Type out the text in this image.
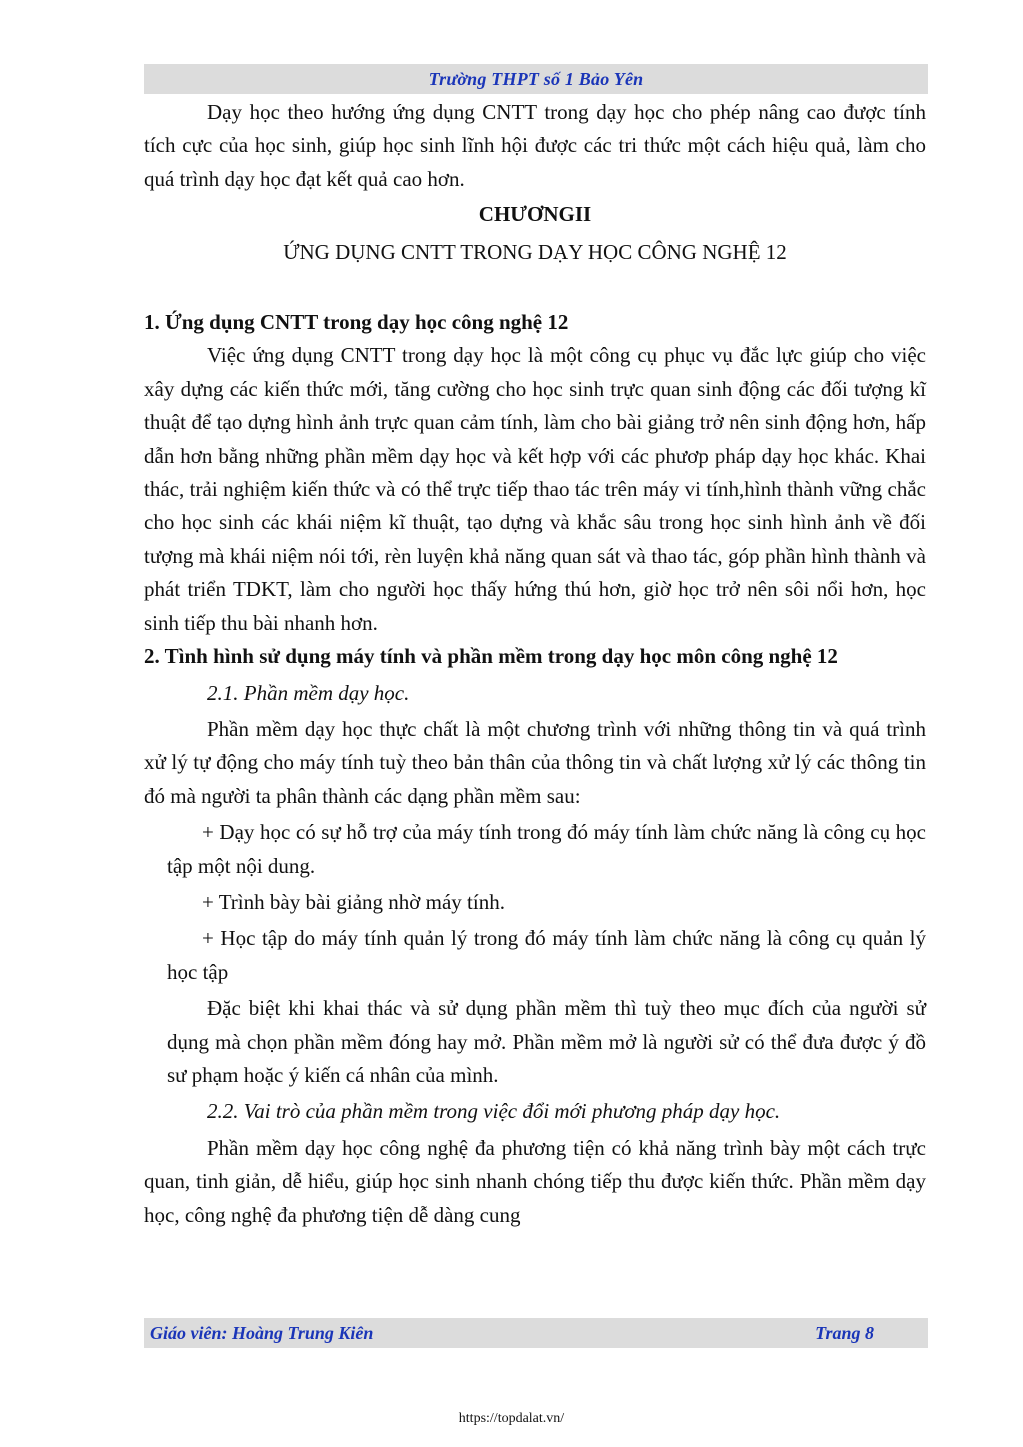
Trường THPT số 1 Bảo Yên

Dạy học theo hướng ứng dụng CNTT trong dạy học cho phép nâng cao được tính tích cực của học sinh, giúp học sinh lĩnh hội được các tri thức một cách hiệu quả, làm cho quá trình dạy học đạt kết quả cao hơn.

CHƯƠNGII

ỨNG DỤNG CNTT TRONG DẠY HỌC CÔNG NGHỆ 12

1. Ứng dụng CNTT trong dạy học công nghệ 12

Việc ứng dụng CNTT trong dạy học là một công cụ phục vụ đắc lực giúp cho việc xây dựng các kiến thức mới, tăng cường cho học sinh trực quan sinh động các đối tượng kĩ thuật để tạo dựng hình ảnh trực quan cảm tính, làm cho bài giảng trở nên sinh động hơn, hấp dẫn hơn bằng những phần mềm dạy học và kết hợp với các phươp pháp dạy học khác. Khai thác, trải nghiệm kiến thức và có thể trực tiếp thao tác trên máy vi tính,hình thành vững chắc cho học sinh các khái niệm kĩ thuật, tạo dựng và khắc sâu trong học sinh hình ảnh về đối tượng mà khái niệm nói tới, rèn luyện khả năng quan sát và thao tác, góp phần hình thành và phát triển TDKT, làm cho người học thấy hứng thú hơn, giờ học trở nên sôi nổi hơn, học sinh tiếp thu bài nhanh hơn.

2. Tình hình sử dụng máy tính và phần mềm trong dạy học môn công nghệ 12

2.1. Phần mềm dạy học.

Phần mềm dạy học thực chất là một chương trình với những thông tin và quá trình xử lý tự động cho máy tính tuỳ theo bản thân của thông tin và chất lượng xử lý các thông tin đó mà người ta phân thành các dạng phần mềm sau:

+ Dạy học có sự hỗ trợ của máy tính trong đó máy tính làm chức năng là công cụ học tập một nội dung.

+ Trình bày bài giảng nhờ máy tính.

+ Học tập do máy tính quản lý trong đó máy tính làm chức năng là công cụ quản lý học tập

Đặc biệt khi khai thác và sử dụng phần mềm thì tuỳ theo mục đích của người sử dụng mà chọn phần mềm đóng hay mở. Phần mềm mở là người sử có thể đưa được ý đồ sư phạm hoặc ý kiến cá nhân của mình.

2.2. Vai trò của phần mềm trong việc đổi mới phương pháp dạy học.

Phần mềm dạy học công nghệ đa phương tiện có khả năng trình bày một cách trực quan, tinh giản, dễ hiểu, giúp học sinh nhanh chóng tiếp thu được kiến thức. Phần mềm dạy học, công nghệ đa phương tiện dễ dàng cung

Giáo viên: Hoàng Trung Kiên	Trang 8
https://topdalat.vn/
